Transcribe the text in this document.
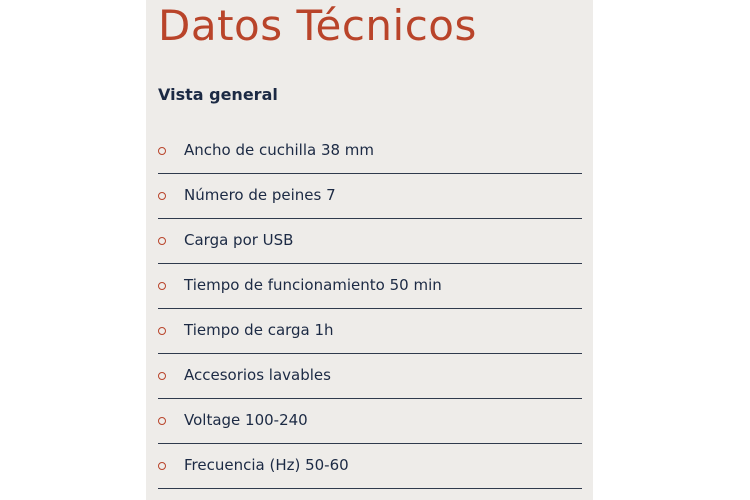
Datos Técnicos
Vista general
Ancho de cuchilla 38 mm
Número de peines 7
Carga por USB
Tiempo de funcionamiento 50 min
Tiempo de carga 1h
Accesorios lavables
Voltage 100-240
Frecuencia (Hz) 50-60
